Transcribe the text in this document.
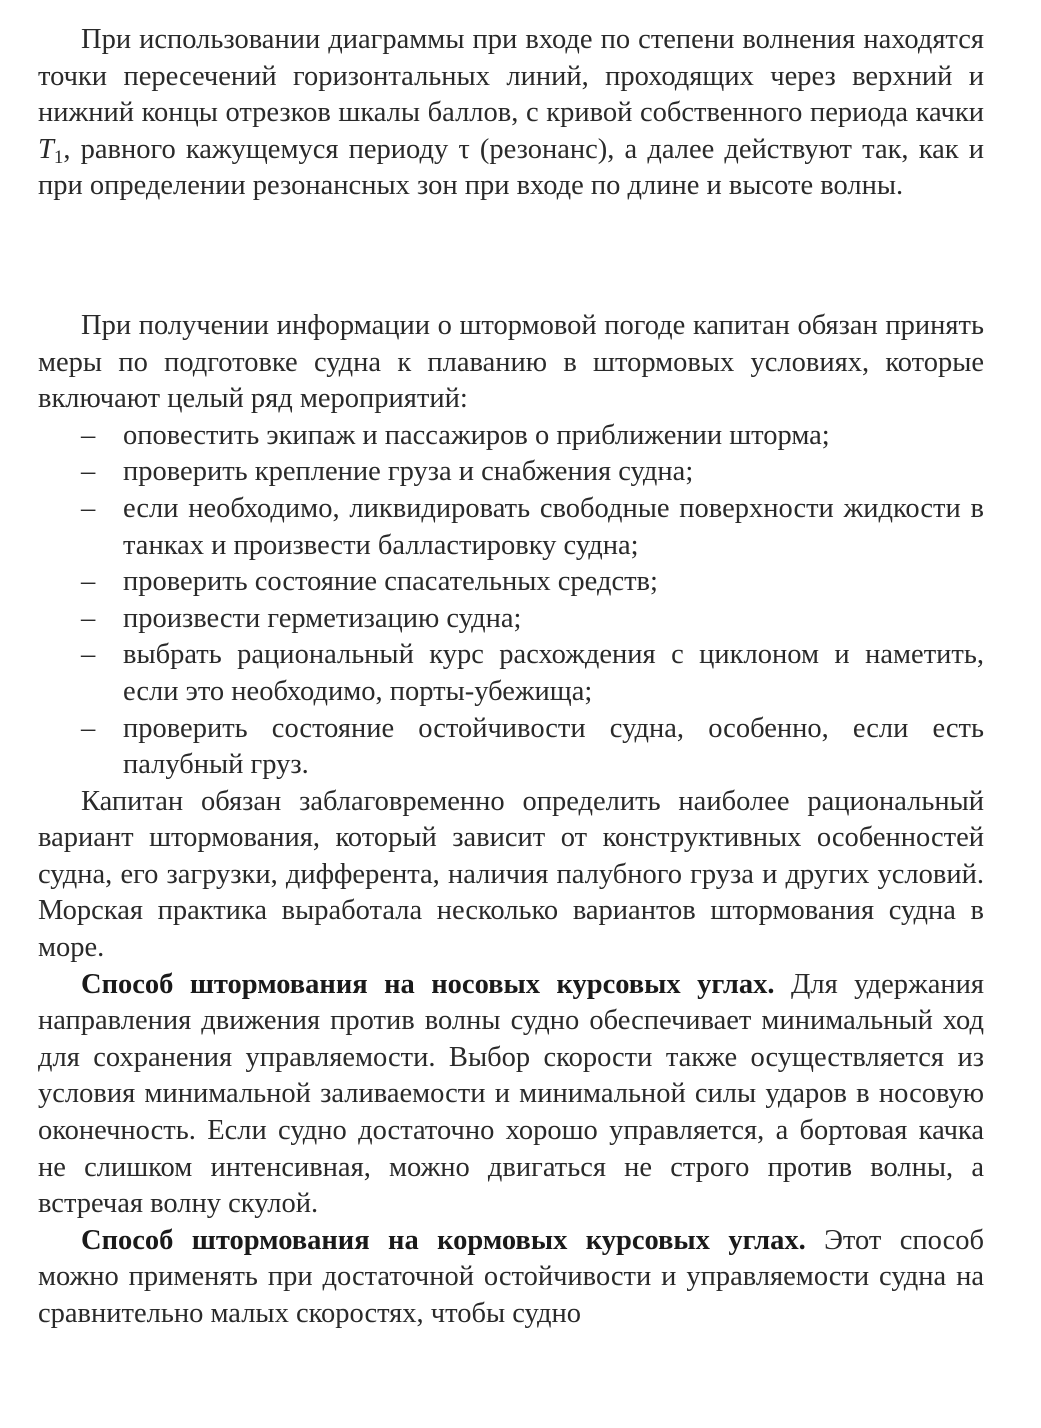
При использовании диаграммы при входе по степени волнения находятся точки пересечений горизонтальных линий, проходящих через верхний и нижний концы отрезков шкалы баллов, с кривой собственного периода качки $T_1$, равного кажущемуся периоду τ (резонанс), а далее действуют так, как и при определении резонансных зон при входе по длине и высоте волны.

При получении информации о штормовой погоде капитан обязан принять меры по подготовке судна к плаванию в штормовых условиях, которые включают целый ряд мероприятий:

– оповестить экипаж и пассажиров о приближении шторма;
– проверить крепление груза и снабжения судна;
– если необходимо, ликвидировать свободные поверхности жидкости в танках и произвести балластировку судна;
– проверить состояние спасательных средств;
– произвести герметизацию судна;
– выбрать рациональный курс расхождения с циклоном и наметить, если это необходимо, порты-убежища;
– проверить состояние остойчивости судна, особенно, если есть палубный груз.

Капитан обязан заблаговременно определить наиболее рациональный вариант штормования, который зависит от конструктивных особенностей судна, его загрузки, дифферента, наличия палубного груза и других условий. Морская практика выработала несколько вариантов штормования судна в море.

Способ штормования на носовых курсовых углах. Для удержания направления движения против волны судно обеспечивает минимальный ход для сохранения управляемости. Выбор скорости также осуществляется из условия минимальной заливаемости и минимальной силы ударов в носовую оконечность. Если судно достаточно хорошо управляется, а бортовая качка не слишком интенсивная, можно двигаться не строго против волны, а встречая волну скулой.

Способ штормования на кормовых курсовых углах. Этот способ можно применять при достаточной остойчивости и управляемости судна на сравнительно малых скоростях, чтобы судно
